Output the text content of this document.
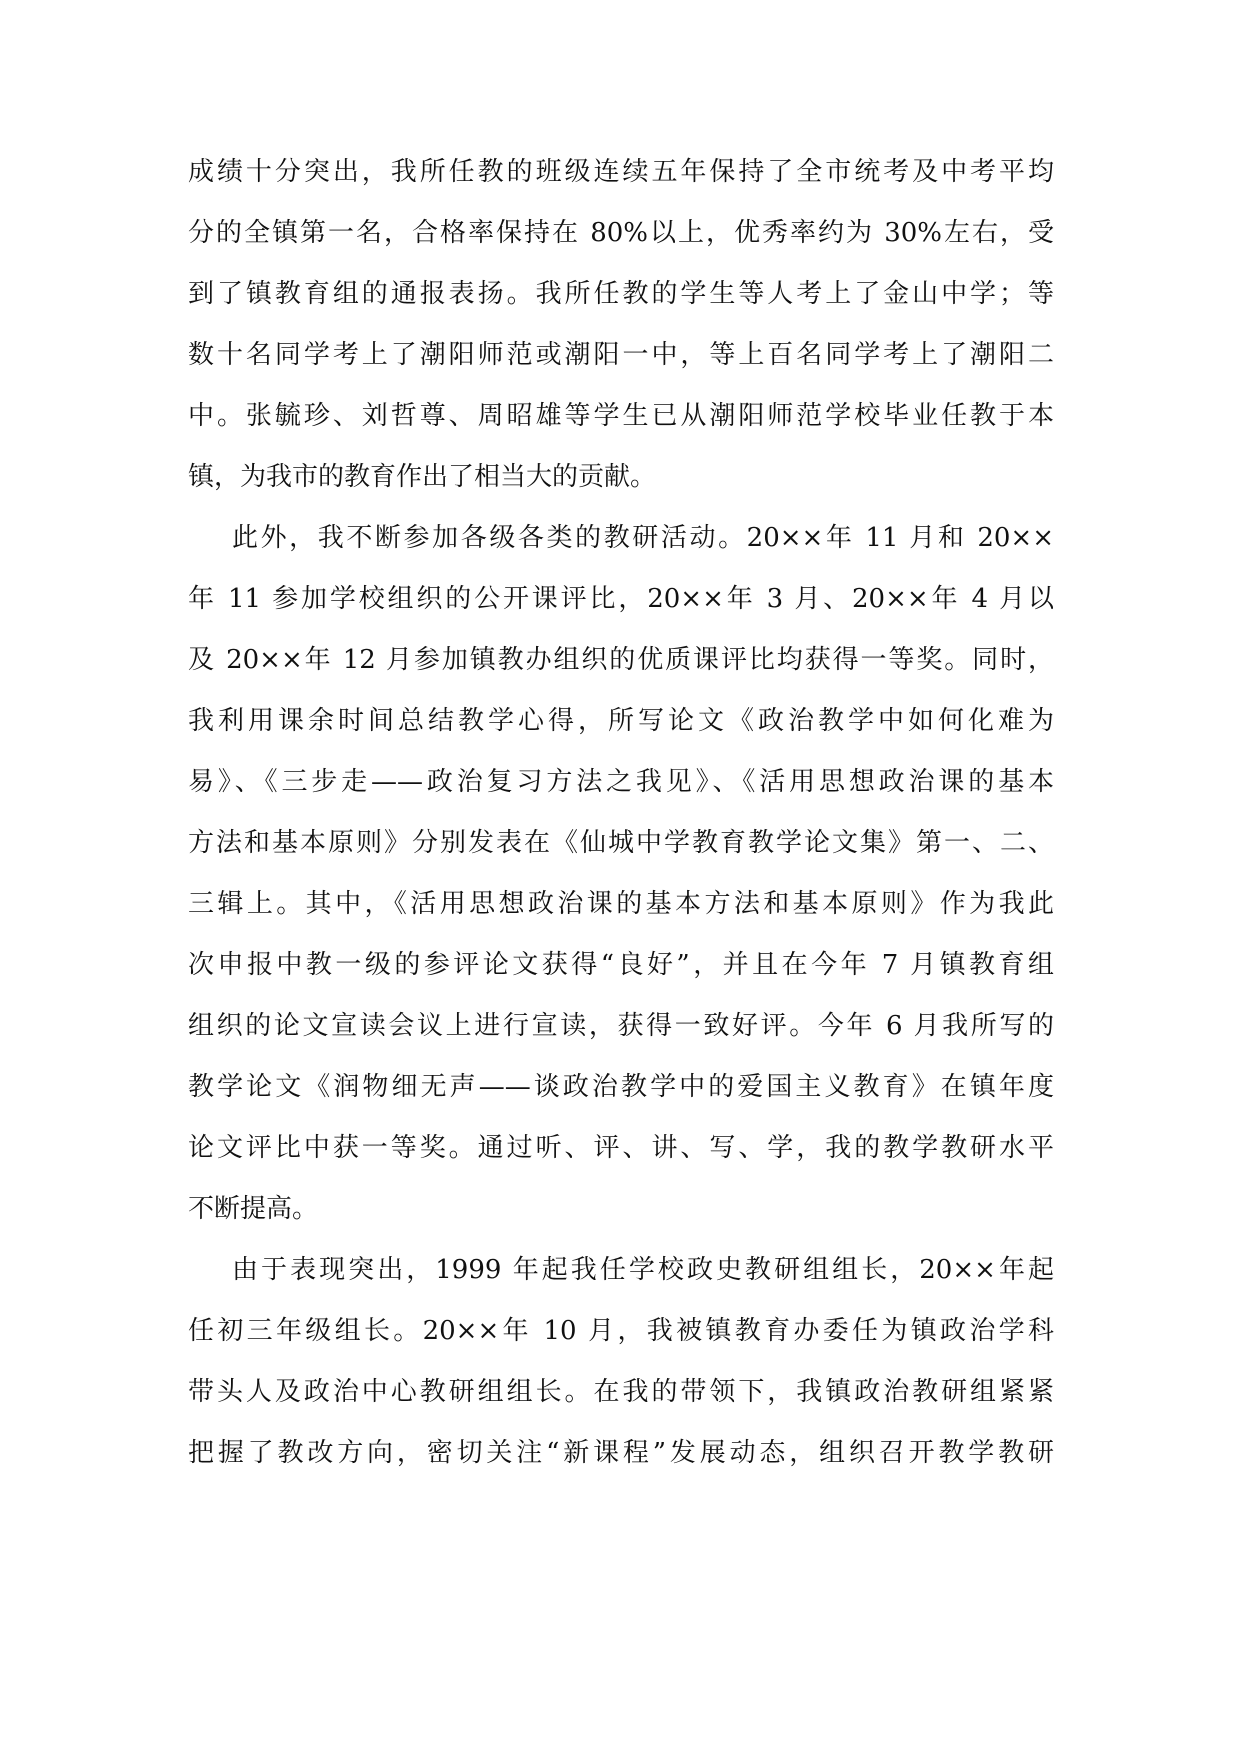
成绩十分突出，我所任教的班级连续五年保持了全市统考及中考平均
分的全镇第一名，合格率保持在 80%以上，优秀率约为 30%左右，受
到了镇教育组的通报表扬。我所任教的学生等人考上了金山中学；等
数十名同学考上了潮阳师范或潮阳一中，等上百名同学考上了潮阳二
中。张毓珍、刘哲尊、周昭雄等学生已从潮阳师范学校毕业任教于本
镇，为我市的教育作出了相当大的贡献。
此外，我不断参加各级各类的教研活动。20××年 11 月和 20××
年 11 参加学校组织的公开课评比，20××年 3 月、20××年 4 月以
及 20××年 12 月参加镇教办组织的优质课评比均获得一等奖。同时，
我利用课余时间总结教学心得，所写论文《政治教学中如何化难为
易》、《三步走——政治复习方法之我见》、《活用思想政治课的基本
方法和基本原则》分别发表在《仙城中学教育教学论文集》第一、二、
三辑上。其中，《活用思想政治课的基本方法和基本原则》作为我此
次申报中教一级的参评论文获得“良好”，并且在今年 7 月镇教育组
组织的论文宣读会议上进行宣读，获得一致好评。今年 6 月我所写的
教学论文《润物细无声——谈政治教学中的爱国主义教育》在镇年度
论文评比中获一等奖。通过听、评、讲、写、学，我的教学教研水平
不断提高。
由于表现突出，1999 年起我任学校政史教研组组长，20××年起
任初三年级组长。20××年 10 月，我被镇教育办委任为镇政治学科
带头人及政治中心教研组组长。在我的带领下，我镇政治教研组紧紧
把握了教改方向，密切关注“新课程”发展动态，组织召开教学教研
